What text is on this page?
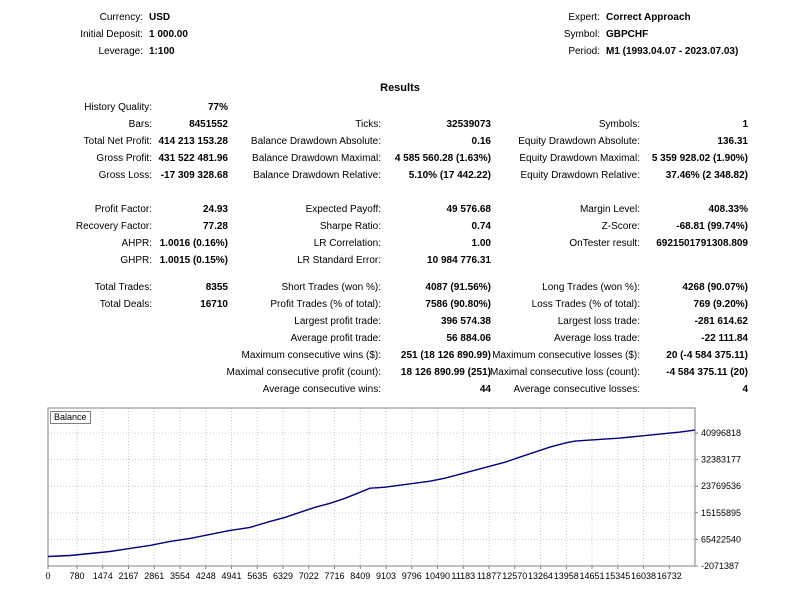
Currency: USD
Initial Deposit: 1 000.00
Leverage: 1:100
Expert: Correct Approach
Symbol: GBPCHF
Period: M1 (1993.04.07 - 2023.07.03)
Results
History Quality:	77%
Bars:	8451552	Ticks:	32539073	Symbols:	1
Total Net Profit: 414 213 153.28 Balance Drawdown Absolute:	0.16	Equity Drawdown Absolute:	136.31
Gross Profit: 431 522 481.96 Balance Drawdown Maximal: 4 585 560.28 (1.63%)	Equity Drawdown Maximal: 5 359 928.02 (1.90%)
Gross Loss: -17 309 328.68	Balance Drawdown Relative:	5.10% (17 442.22)	Equity Drawdown Relative:	37.46% (2 348.82)
Profit Factor:	24.93	Expected Payoff:	49 576.68	Margin Level:	408.33%
Recovery Factor:	77.28	Sharpe Ratio:	0.74	Z-Score:	-68.81 (99.74%)
AHPR: 1.0016 (0.16%)	LR Correlation:	1.00	OnTester result: 6921501791308.809
GHPR: 1.0015 (0.15%)	LR Standard Error:	10 984 776.31
Total Trades:	8355	Short Trades (won %):	4087 (91.56%)	Long Trades (won %):	4268 (90.07%)
Total Deals:	16710	Profit Trades (% of total):	7586 (90.80%)	Loss Trades (% of total):	769 (9.20%)
Largest profit trade:	396 574.38	Largest loss trade:	-281 614.62
Average profit trade:	56 884.06	Average loss trade:	-22 111.84
Maximum consecutive wins ($): 251 (18 126 890.99) Maximum consecutive losses ($):	20 (-4 584 375.11)
Maximal consecutive profit (count): 18 126 890.99 (251)
Maximal consecutive loss (count):	-4 584 375.11 (20)
Average consecutive wins:	44 Average consecutive losses:	4
0 780 1474 2167 2861 3554 4248 4941 5635 6329 7022 7716 8409 9103 9796 10490 11183 11877 12570 13264 13958 14651 15345 16038 16732
40996818
32383177
23769536
15155895
65422540
-2071387
Balance
